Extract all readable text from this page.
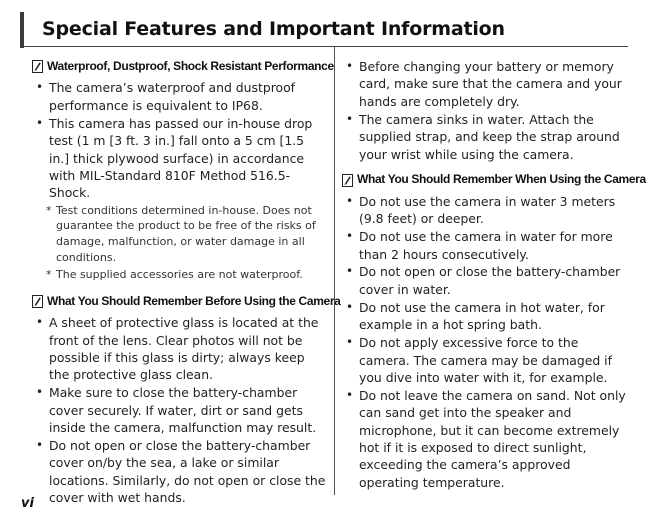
Special Features and Important Information
Waterproof, Dustproof, Shock Resistant Performance
• The camera’s waterproof and dustproof performance is equivalent to IP68.
• This camera has passed our in-house drop test (1 m [3 ft. 3 in.] fall onto a 5 cm [1.5 in.] thick plywood surface) in accordance with MIL-Standard 810F Method 516.5-Shock.
* Test conditions determined in-house. Does not guarantee the product to be free of the risks of damage, malfunction, or water damage in all conditions.
* The supplied accessories are not waterproof.
What You Should Remember Before Using the Camera
• A sheet of protective glass is located at the front of the lens. Clear photos will not be possible if this glass is dirty; always keep the protective glass clean.
• Make sure to close the battery-chamber cover securely. If water, dirt or sand gets inside the camera, malfunction may result.
• Do not open or close the battery-chamber cover on/by the sea, a lake or similar locations. Similarly, do not open or close the cover with wet hands.
• Before changing your battery or memory card, make sure that the camera and your hands are completely dry.
• The camera sinks in water. Attach the supplied strap, and keep the strap around your wrist while using the camera.
What You Should Remember When Using the Camera
• Do not use the camera in water 3 meters (9.8 feet) or deeper.
• Do not use the camera in water for more than 2 hours consecutively.
• Do not open or close the battery-chamber cover in water.
• Do not use the camera in hot water, for example in a hot spring bath.
• Do not apply excessive force to the camera. The camera may be damaged if you dive into water with it, for example.
• Do not leave the camera on sand. Not only can sand get into the speaker and microphone, but it can become extremely hot if it is exposed to direct sunlight, exceeding the camera’s approved operating temperature.
vi
